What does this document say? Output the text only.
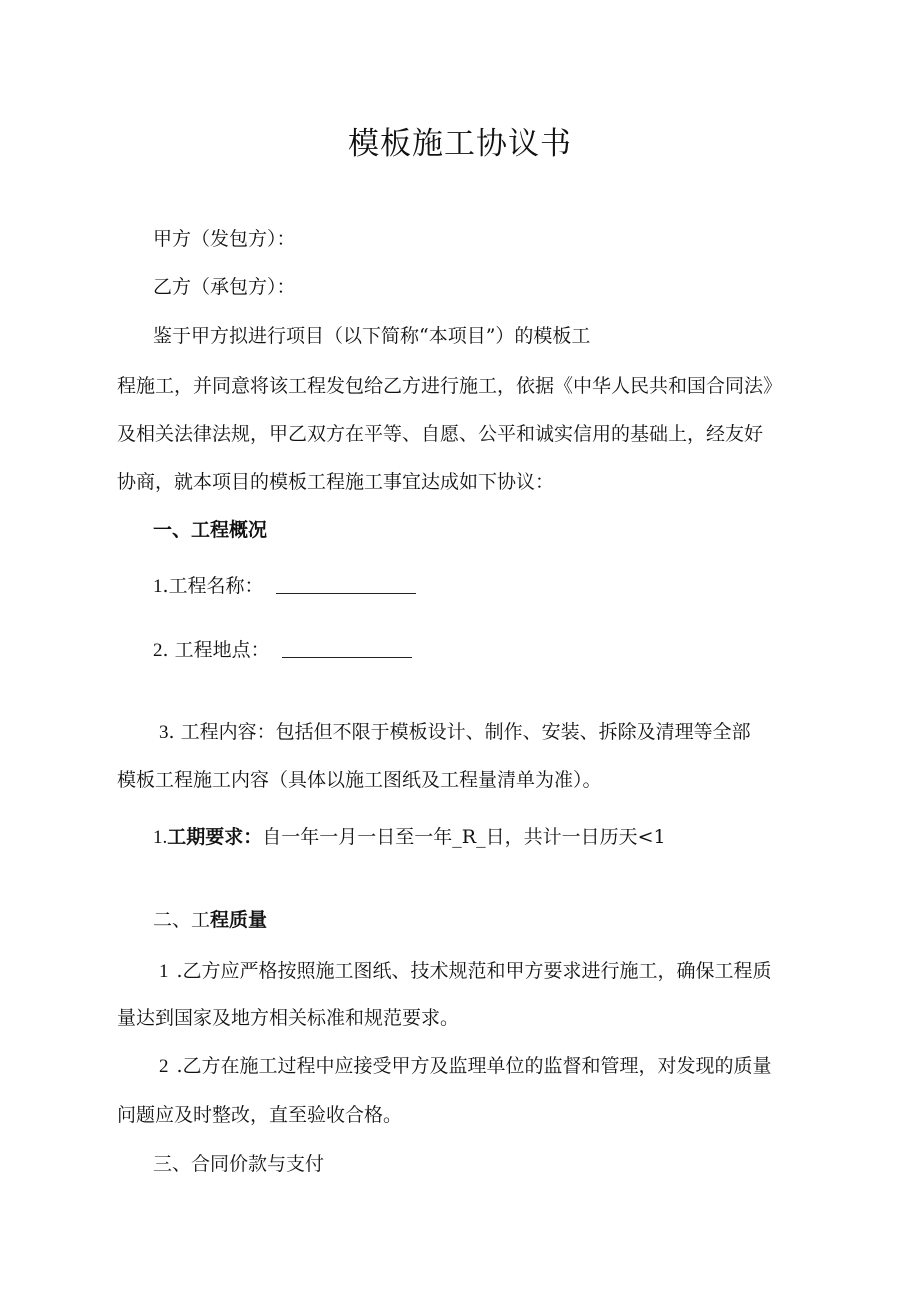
模板施工协议书
甲方（发包方）：
乙方（承包方）：
鉴于甲方拟进行项目（以下简称“本项目”）的模板工
程施工，并同意将该工程发包给乙方进行施工，依据《中华人民共和国合同法》
及相关法律法规，甲乙双方在平等、自愿、公平和诚实信用的基础上，经友好
协商，就本项目的模板工程施工事宜达成如下协议：
一、工程概况
1.工程名称：
2. 工程地点：
3. 工程内容：包括但不限于模板设计、制作、安装、拆除及清理等全部
模板工程施工内容（具体以施工图纸及工程量清单为准）。
1.工期要求：自一年一月一日至一年_R_日，共计一日历天<1
二、工程质量
1 .乙方应严格按照施工图纸、技术规范和甲方要求进行施工，确保工程质
量达到国家及地方相关标准和规范要求。
2 .乙方在施工过程中应接受甲方及监理单位的监督和管理，对发现的质量
问题应及时整改，直至验收合格。
三、合同价款与支付
